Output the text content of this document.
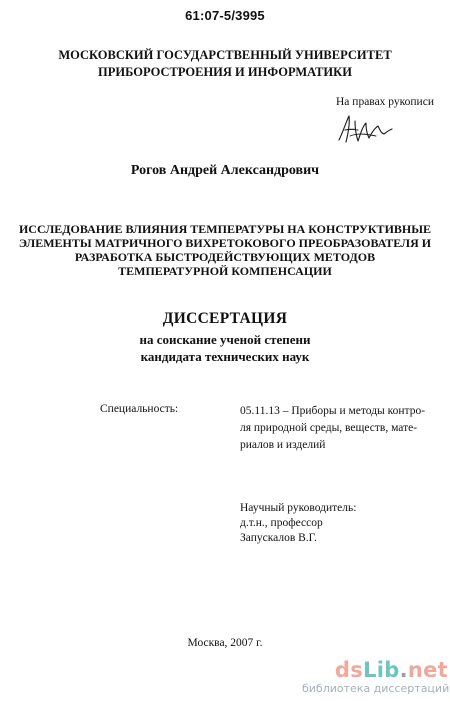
61:07-5/3995
МОСКОВСКИЙ ГОСУДАРСТВЕННЫЙ УНИВЕРСИТЕТ
ПРИБОРОСТРОЕНИЯ И ИНФОРМАТИКИ
На правах рукописи
Рогов Андрей Александрович
ИССЛЕДОВАНИЕ ВЛИЯНИЯ ТЕМПЕРАТУРЫ НА КОНСТРУКТИВНЫЕ
ЭЛЕМЕНТЫ МАТРИЧНОГО ВИХРЕТОКОВОГО ПРЕОБРАЗОВАТЕЛЯ И
РАЗРАБОТКА БЫСТРОДЕЙСТВУЮЩИХ МЕТОДОВ
ТЕМПЕРАТУРНОЙ КОМПЕНСАЦИИ
ДИССЕРТАЦИЯ
на соискание ученой степени
кандидата технических наук
Специальность:	05.11.13 – Приборы и методы контро-
ля природной среды, веществ, мате-
риалов и изделий
Научный руководитель:
д.т.н., профессор
Запускалов В.Г.
Москва, 2007 г.
dsLib.net
библиотека диссертаций
